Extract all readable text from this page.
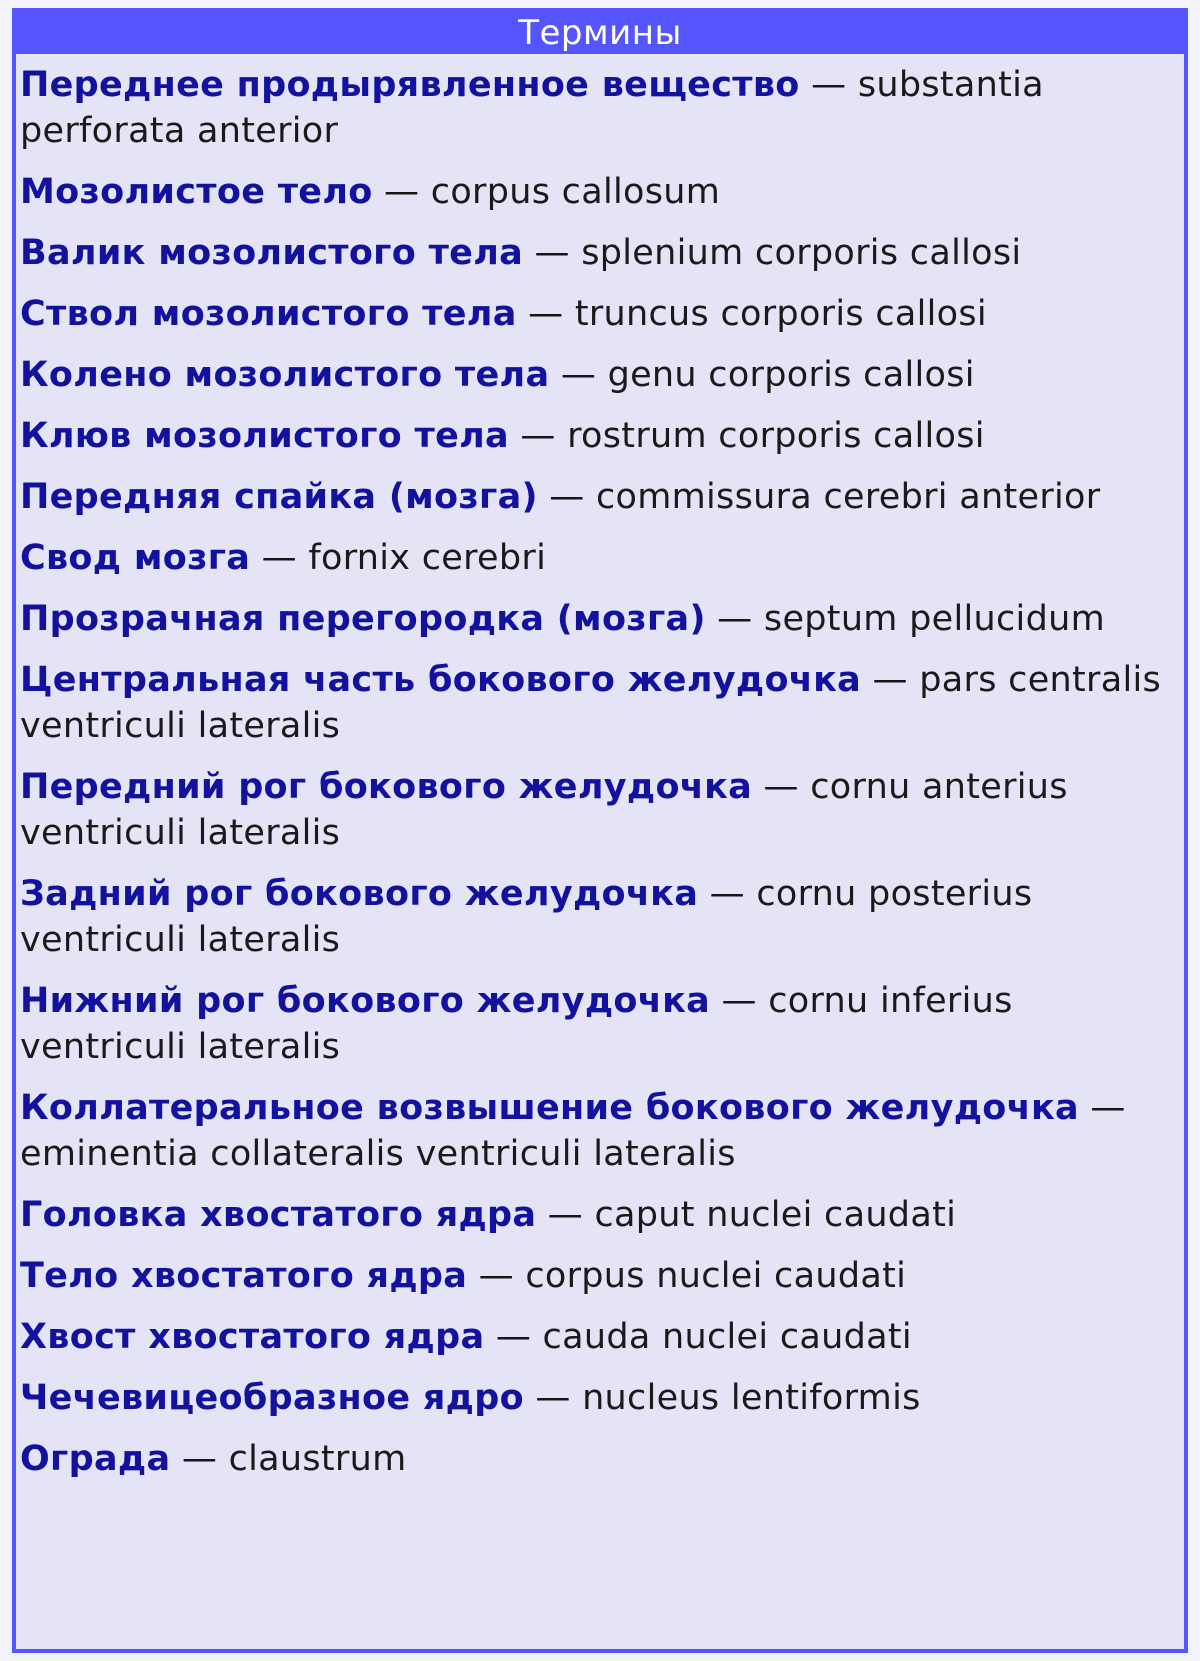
Термины
Переднее продырявленное вещество — substantia perforata anterior
Мозолистое тело — corpus callosum
Валик мозолистого тела — splenium corporis callosi
Ствол мозолистого тела — truncus corporis callosi
Колено мозолистого тела — genu corporis callosi
Клюв мозолистого тела — rostrum corporis callosi
Передняя спайка (мозга) — commissura cerebri anterior
Свод мозга — fornix cerebri
Прозрачная перегородка (мозга) — septum pellucidum
Центральная часть бокового желудочка — pars centralis ventriculi lateralis
Передний рог бокового желудочка — cornu anterius ventriculi lateralis
Задний рог бокового желудочка — cornu posterius ventriculi lateralis
Нижний рог бокового желудочка — cornu inferius ventriculi lateralis
Коллатеральное возвышение бокового желудочка — eminentia collateralis ventriculi lateralis
Головка хвостатого ядра — caput nuclei caudati
Тело хвостатого ядра — corpus nuclei caudati
Хвост хвостатого ядра — cauda nuclei caudati
Чечевицеобразное ядро — nucleus lentiformis
Ограда — claustrum
